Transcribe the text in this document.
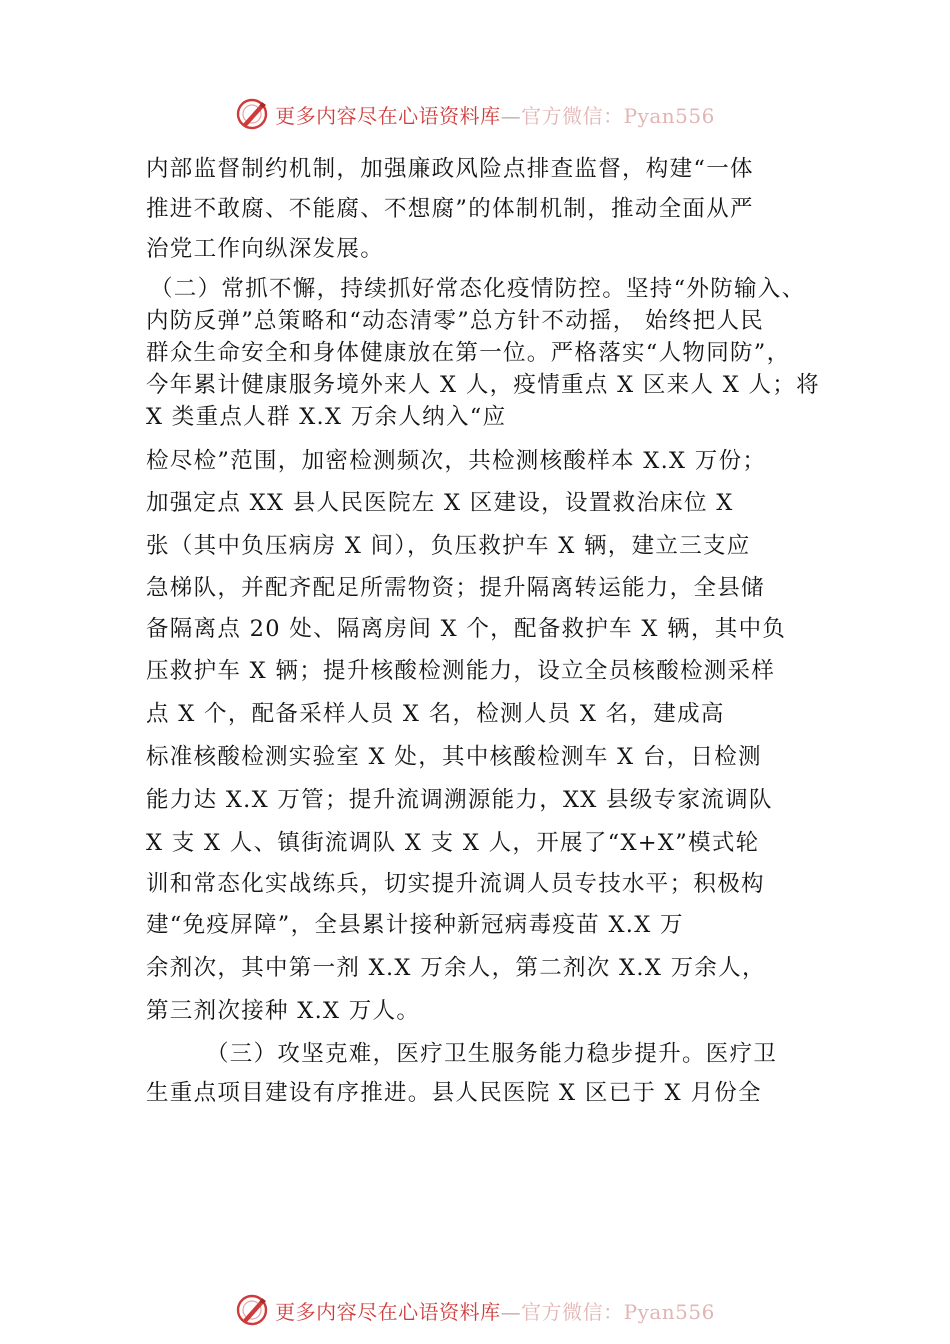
更多内容尽在心语资料库—官方微信：Pyan556
内部监督制约机制，加强廉政风险点排查监督，构建“一体
推进不敢腐、不能腐、不想腐”的体制机制，推动全面从严
治党工作向纵深发展。
（二）常抓不懈，持续抓好常态化疫情防控。坚持“外防输入、
内防反弹”总策略和“动态清零”总方针不动摇， 始终把人民
群众生命安全和身体健康放在第一位。严格落实“人物同防”，
今年累计健康服务境外来人 X 人，疫情重点 X 区来人 X 人；将
X 类重点人群 X.X 万余人纳入“应
检尽检”范围，加密检测频次，共检测核酸样本 X.X 万份；
加强定点 XX 县人民医院左 X 区建设，设置救治床位 X
张（其中负压病房 X 间），负压救护车 X 辆，建立三支应
急梯队，并配齐配足所需物资；提升隔离转运能力，全县储
备隔离点 20 处、隔离房间 X 个，配备救护车 X 辆，其中负
压救护车 X 辆；提升核酸检测能力，设立全员核酸检测采样
点 X 个，配备采样人员 X 名，检测人员 X 名，建成高
标准核酸检测实验室 X 处，其中核酸检测车 X 台，日检测
能力达 X.X 万管；提升流调溯源能力，XX 县级专家流调队
X 支 X 人、镇街流调队 X 支 X 人，开展了“X+X”模式轮
训和常态化实战练兵，切实提升流调人员专技水平；积极构
建“免疫屏障”，全县累计接种新冠病毒疫苗 X.X 万
余剂次，其中第一剂 X.X 万余人，第二剂次 X.X 万余人，
第三剂次接种 X.X 万人。
（三）攻坚克难，医疗卫生服务能力稳步提升。医疗卫
生重点项目建设有序推进。县人民医院 X 区已于 X 月份全
更多内容尽在心语资料库—官方微信：Pyan556
